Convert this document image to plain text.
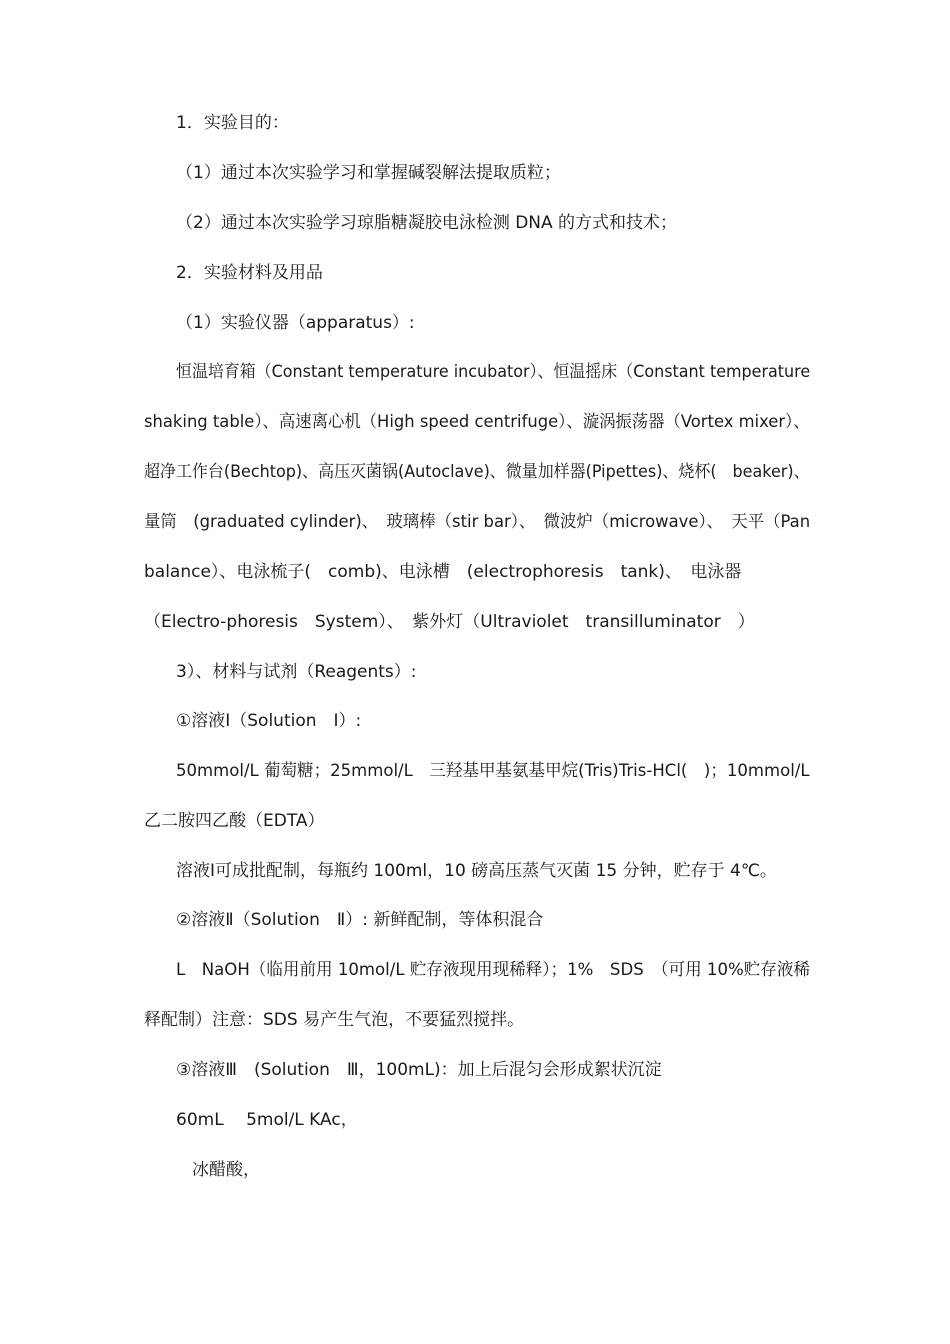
1．实验目的：
（1）通过本次实验学习和掌握碱裂解法提取质粒；
（2）通过本次实验学习琼脂糖凝胶电泳检测 DNA 的方式和技术；
2．实验材料及用品
（1）实验仪器（apparatus）:
恒温培育箱（Constant temperature incubator）、恒温摇床（Constant temperature
shaking table）、高速离心机（High speed centrifuge）、漩涡振荡器（Vortex mixer）、
超净工作台(Bechtop)、高压灭菌锅(Autoclave)、微量加样器(Pipettes)、烧杯(　beaker)、
量筒　(graduated cylinder)、　玻璃棒（stir bar）、　微波炉（microwave）、　天平（Pan
balance）、电泳梳子(　comb)、电泳槽　(electrophoresis　tank)、　电泳器
（Electro-phoresis　System）、　紫外灯（Ultraviolet　transilluminator　）
3）、材料与试剂（Reagents）:
①溶液Ⅰ（Solution　Ⅰ）:
50mmol/L 葡萄糖；25mmol/L　三羟基甲基氨基甲烷(Tris)Tris-HCl(　)；10mmol/L
乙二胺四乙酸（EDTA）
溶液Ⅰ可成批配制，每瓶约 100ml，10 磅高压蒸气灭菌 15 分钟，贮存于 4℃。
②溶液Ⅱ（Solution　Ⅱ）: 新鲜配制，等体积混合
L　NaOH（临用前用 10mol/L 贮存液现用现稀释）；1%　SDS　（可用 10%贮存液稀
释配制）注意：SDS 易产生气泡，不要猛烈搅拌。
③溶液Ⅲ　(Solution　Ⅲ，100mL)：加上后混匀会形成絮状沉淀
60mL　 5mol/L KAc，
冰醋酸，
